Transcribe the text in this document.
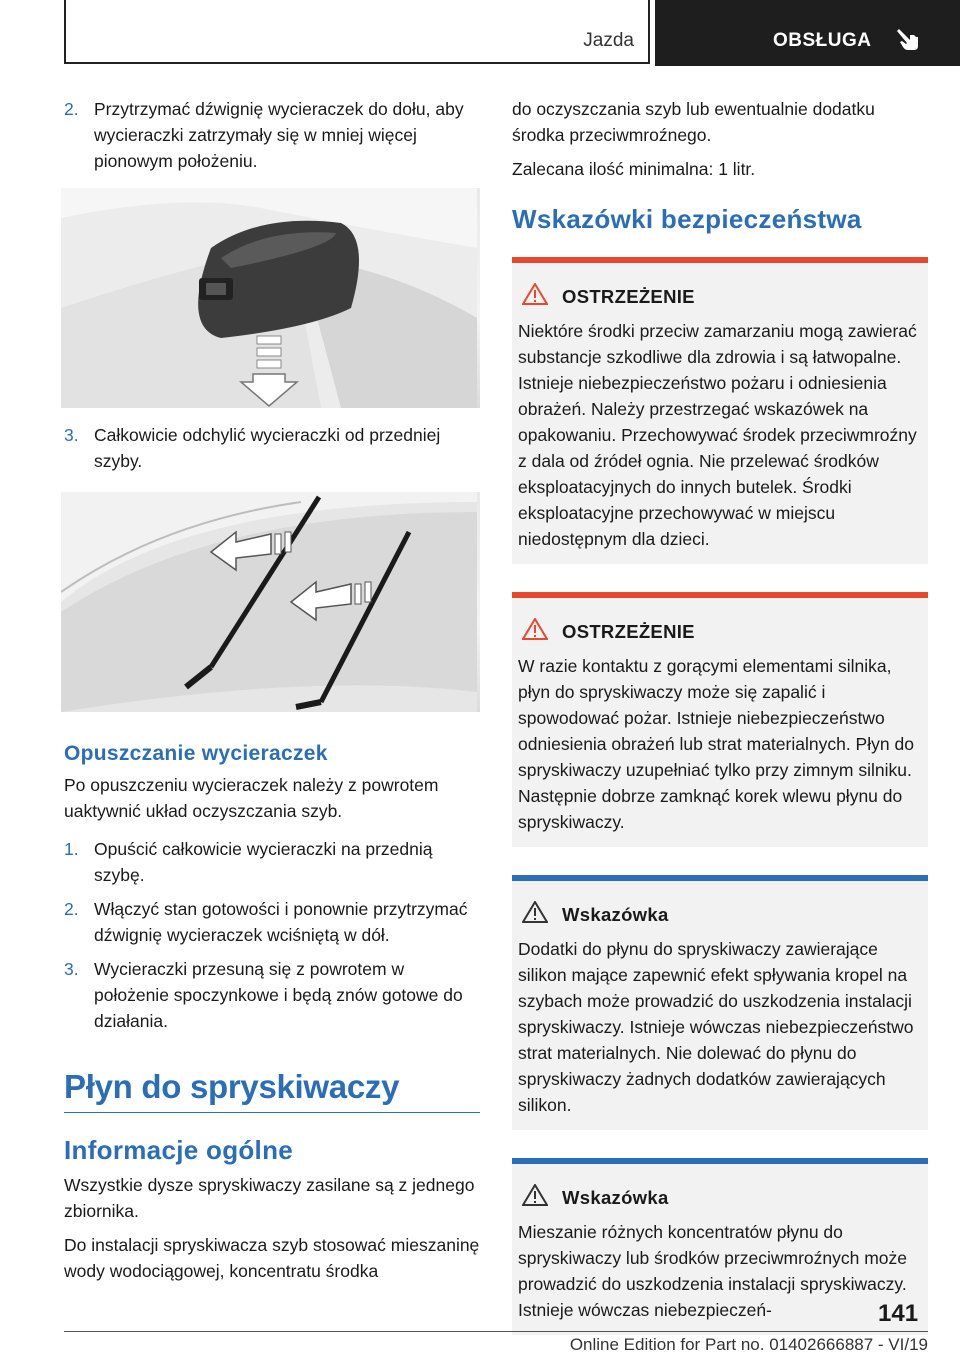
Jazda	OBSŁUGA
2. Przytrzymać dźwignię wycieraczek do dołu, aby wycieraczki zatrzymały się w mniej więcej pionowym położeniu.
3. Całkowicie odchylić wycieraczki od przedniej szyby.
Opuszczanie wycieraczek
Po opuszczeniu wycieraczek należy z powrotem uaktywnić układ oczyszczania szyb.
1. Opuścić całkowicie wycieraczki na przednią szybę.
2. Włączyć stan gotowości i ponownie przytrzymać dźwignię wycieraczek wciśniętą w dół.
3. Wycieraczki przesuną się z powrotem w położenie spoczynkowe i będą znów gotowe do działania.
Płyn do spryskiwaczy
Informacje ogólne
Wszystkie dysze spryskiwaczy zasilane są z jednego zbiornika.
Do instalacji spryskiwacza szyb stosować mieszaninę wody wodociągowej, koncentratu środka
do oczyszczania szyb lub ewentualnie dodatku środka przeciwmroźnego.
Zalecana ilość minimalna: 1 litr.
Wskazówki bezpieczeństwa
OSTRZEŻENIE
Niektóre środki przeciw zamarzaniu mogą zawierać substancje szkodliwe dla zdrowia i są łatwopalne. Istnieje niebezpieczeństwo pożaru i odniesienia obrażeń. Należy przestrzegać wskazówek na opakowaniu. Przechowywać środek przeciwmroźny z dala od źródeł ognia. Nie przelewać środków eksploatacyjnych do innych butelek. Środki eksploatacyjne przechowywać w miejscu niedostępnym dla dzieci.
OSTRZEŻENIE
W razie kontaktu z gorącymi elementami silnika, płyn do spryskiwaczy może się zapalić i spowodować pożar. Istnieje niebezpieczeństwo odniesienia obrażeń lub strat materialnych. Płyn do spryskiwaczy uzupełniać tylko przy zimnym silniku. Następnie dobrze zamknąć korek wlewu płynu do spryskiwaczy.
Wskazówka
Dodatki do płynu do spryskiwaczy zawierające silikon mające zapewnić efekt spływania kropel na szybach może prowadzić do uszkodzenia instalacji spryskiwaczy. Istnieje wówczas niebezpieczeństwo strat materialnych. Nie dolewać do płynu do spryskiwaczy żadnych dodatków zawierających silikon.
Wskazówka
Mieszanie różnych koncentratów płynu do spryskiwaczy lub środków przeciwmroźnych może prowadzić do uszkodzenia instalacji spryskiwaczy. Istnieje wówczas niebezpieczeń-	141
Online Edition for Part no. 01402666887 - VI/19
